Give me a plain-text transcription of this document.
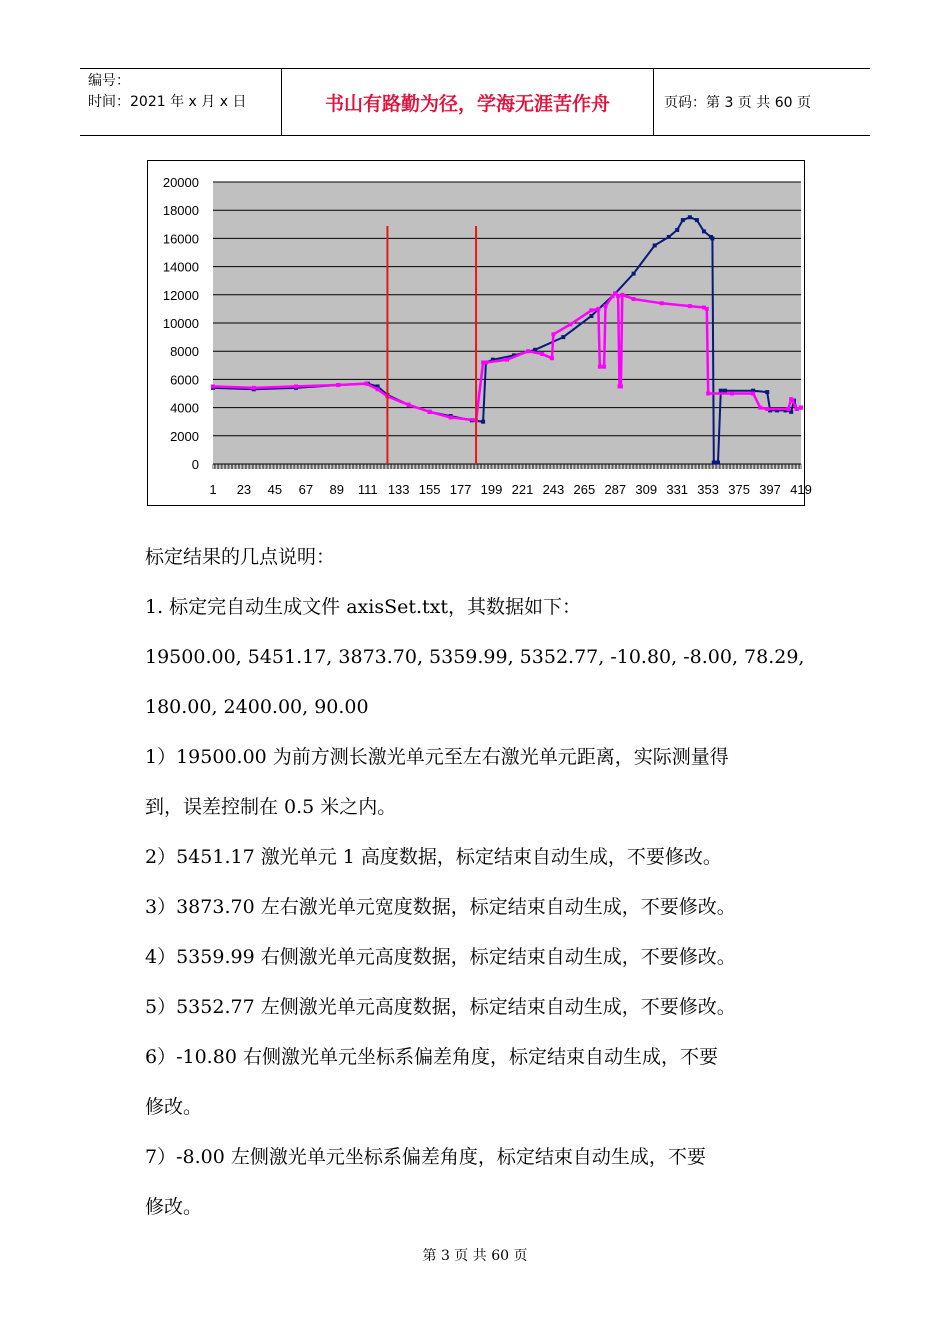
编号：
时间：2021 年 x 月 x 日	书山有路勤为径，学海无涯苦作舟	页码：第 3 页 共 60 页
0
2000
4000
6000
8000
10000
12000
14000
16000
18000
20000
1 23 45 67 89 111 133 155 177 199 221 243 265 287 309 331 353 375 397 419
标定结果的几点说明：
1. 标定完自动生成文件 axisSet.txt，其数据如下：
19500.00, 5451.17, 3873.70, 5359.99, 5352.77, -10.80, -8.00, 78.29,
180.00, 2400.00, 90.00
1）19500.00 为前方测长激光单元至左右激光单元距离，实际测量得
到，误差控制在 0.5 米之内。
2）5451.17 激光单元 1 高度数据，标定结束自动生成，不要修改。
3）3873.70 左右激光单元宽度数据，标定结束自动生成，不要修改。
4）5359.99 右侧激光单元高度数据，标定结束自动生成，不要修改。
5）5352.77 左侧激光单元高度数据，标定结束自动生成，不要修改。
6）-10.80 右侧激光单元坐标系偏差角度，标定结束自动生成，不要
修改。
7）-8.00 左侧激光单元坐标系偏差角度，标定结束自动生成，不要
修改。
第 3 页 共 60 页
